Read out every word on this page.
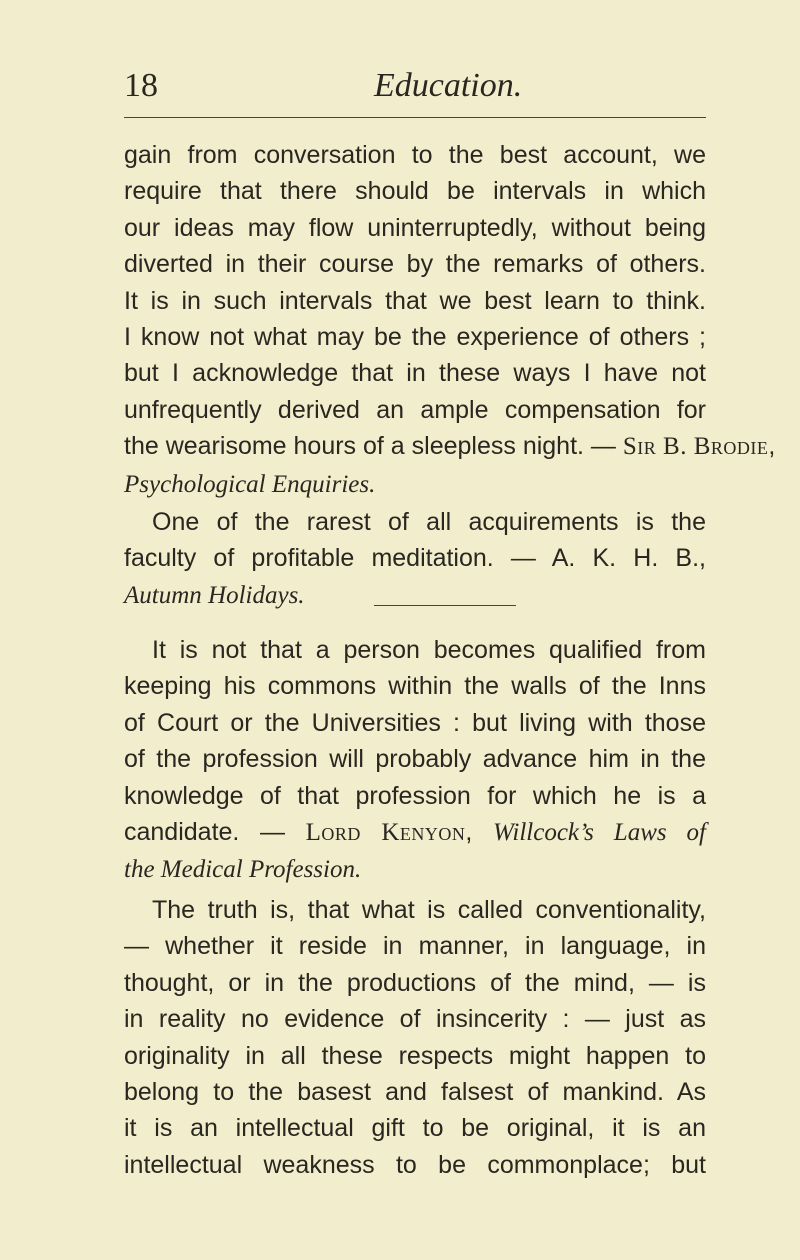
18	Education.
gain from conversation to the best account, we
require that there should be intervals in which
our ideas may flow uninterruptedly, without being
diverted in their course by the remarks of others.
It is in such intervals that we best learn to think.
I know not what may be the experience of others ;
but I acknowledge that in these ways I have not
unfrequently derived an ample compensation for
the wearisome hours of a sleepless night. — Sir B. Brodie,
Psychological Enquiries.
One of the rarest of all acquirements is the
faculty of profitable meditation. — A. K. H. B.,
Autumn Holidays.
It is not that a person becomes qualified from
keeping his commons within the walls of the Inns
of Court or the Universities : but living with those
of the profession will probably advance him in the
knowledge of that profession for which he is a
candidate. — Lord Kenyon, Willcock’s Laws of
the Medical Profession.
The truth is, that what is called conventionality,
— whether it reside in manner, in language, in
thought, or in the productions of the mind, — is
in reality no evidence of insincerity : — just as
originality in all these respects might happen to
belong to the basest and falsest of mankind. As
it is an intellectual gift to be original, it is an
intellectual weakness to be commonplace; but
